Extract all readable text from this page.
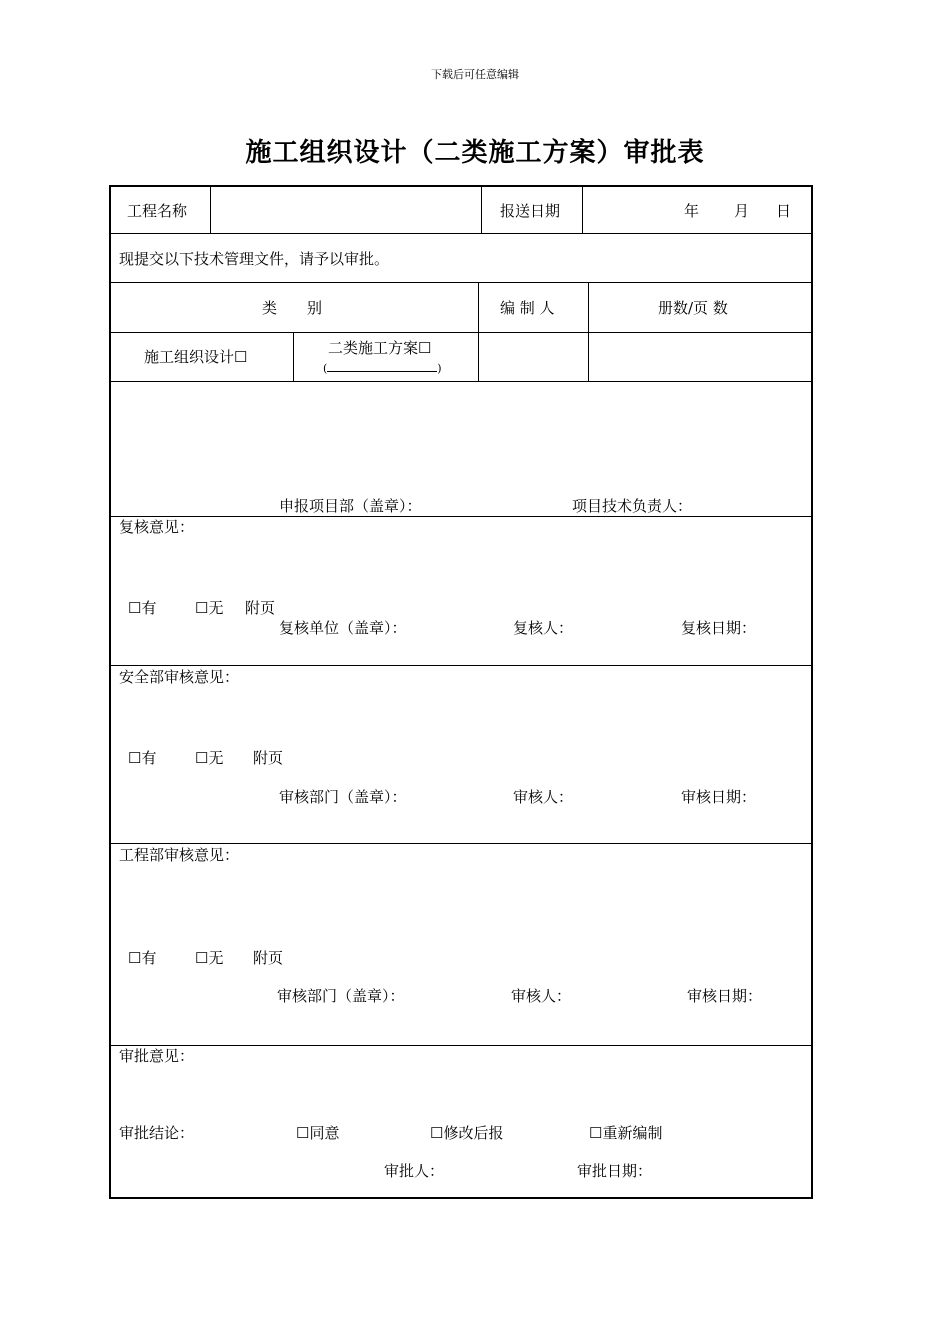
下载后可任意编辑
施工组织设计（二类施工方案）审批表
工程名称	报送日期	年 月 日
现提交以下技术管理文件，请予以审批。
类　　别	编 制 人	册数/页 数
施工组织设计☐	二类施工方案☐
(	)
申报项目部（盖章）：	项目技术负责人：
复核意见：
☐有	☐无 附页
复核单位（盖章）：	复核人：	复核日期：
安全部审核意见：
☐有	☐无 附页
审核部门（盖章）：	审核人：	审核日期：
工程部审核意见：
☐有	☐无 附页
审核部门（盖章）：	审核人：	审核日期：
审批意见：
审批结论：	☐同意	☐修改后报	☐重新编制
审批人：	审批日期：
